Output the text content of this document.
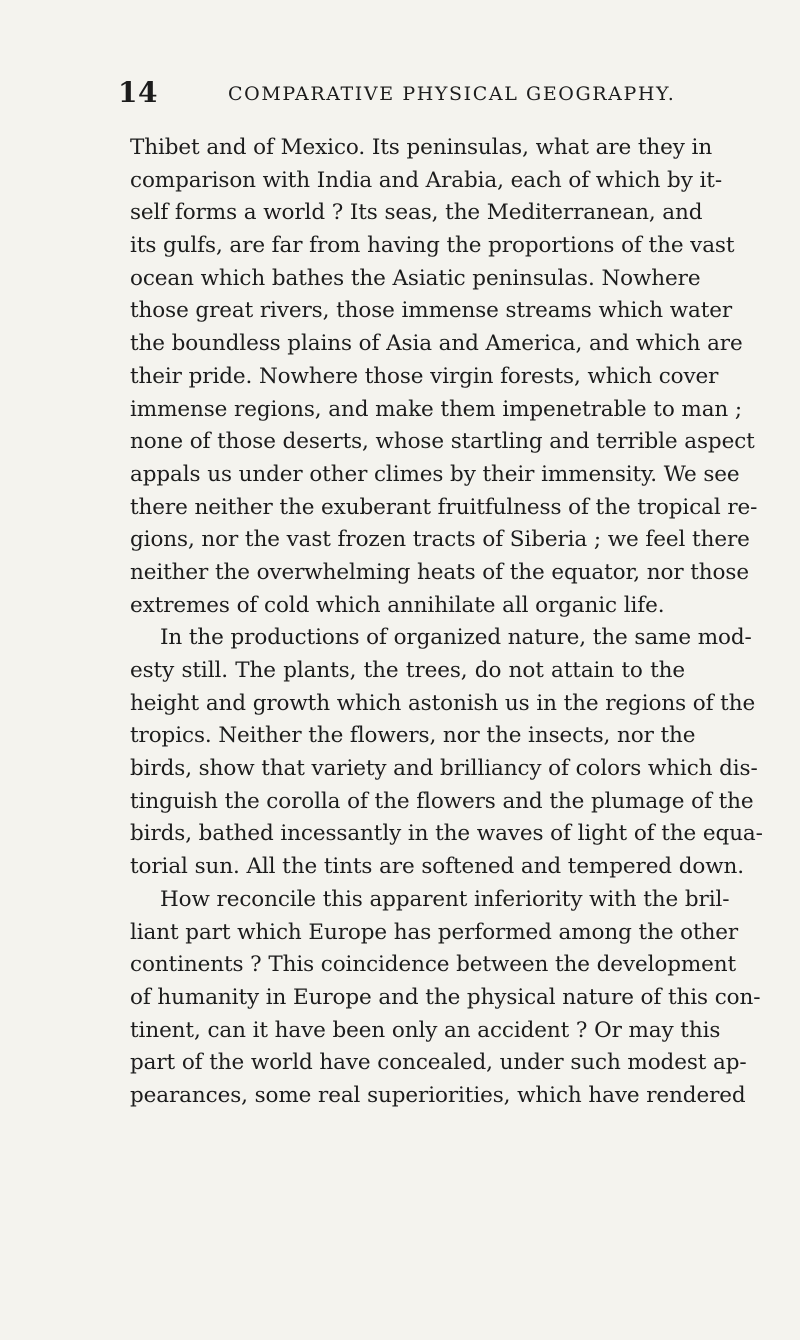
14	COMPARATIVE PHYSICAL GEOGRAPHY.
Thibet and of Mexico. Its peninsulas, what are they in
comparison with India and Arabia, each of which by it-
self forms a world ? Its seas, the Mediterranean, and
its gulfs, are far from having the proportions of the vast
ocean which bathes the Asiatic peninsulas. Nowhere
those great rivers, those immense streams which water
the boundless plains of Asia and America, and which are
their pride. Nowhere those virgin forests, which cover
immense regions, and make them impenetrable to man ;
none of those deserts, whose startling and terrible aspect
appals us under other climes by their immensity. We see
there neither the exuberant fruitfulness of the tropical re-
gions, nor the vast frozen tracts of Siberia ; we feel there
neither the overwhelming heats of the equator, nor those
extremes of cold which annihilate all organic life.
In the productions of organized nature, the same mod-
esty still. The plants, the trees, do not attain to the
height and growth which astonish us in the regions of the
tropics. Neither the flowers, nor the insects, nor the
birds, show that variety and brilliancy of colors which dis-
tinguish the corolla of the flowers and the plumage of the
birds, bathed incessantly in the waves of light of the equa-
torial sun. All the tints are softened and tempered down.
How reconcile this apparent inferiority with the bril-
liant part which Europe has performed among the other
continents ? This coincidence between the development
of humanity in Europe and the physical nature of this con-
tinent, can it have been only an accident ? Or may this
part of the world have concealed, under such modest ap-
pearances, some real superiorities, which have rendered
